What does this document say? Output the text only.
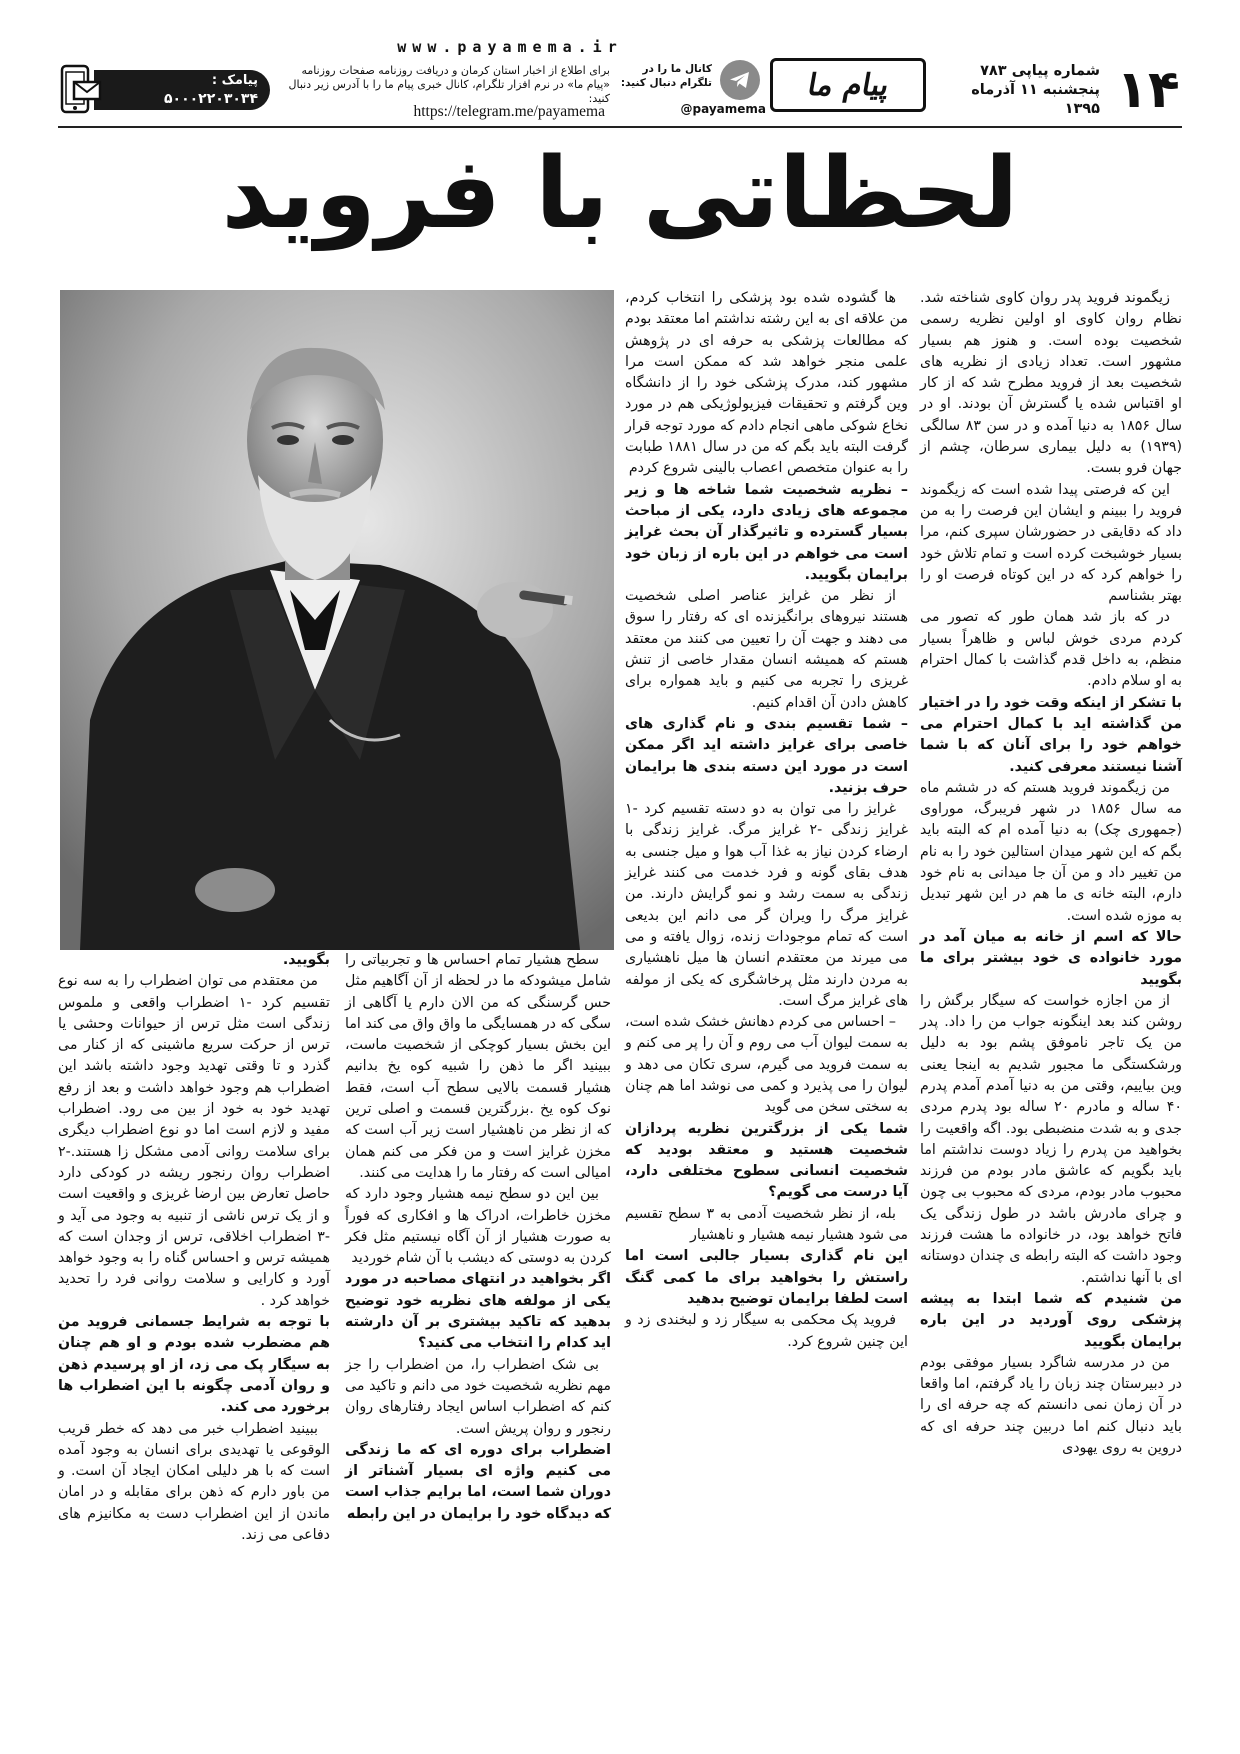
www.payamema.ir
۱۴
شماره پیاپی ۷۸۳
پنجشنبه ۱۱ آذرماه ۱۳۹۵
پیام ما
کانال ما را در تلگرام دنبال کنید:
@payamema
برای اطلاع از اخبار استان کرمان و دریافت روزنامه صفحات روزنامه «پیام ما» در نرم افزار تلگرام، کانال خبری پیام ما را با آدرس زیر دنبال کنید:
https://telegram.me/payamema
پیامک :
۵۰۰۰۲۲۰۳۰۳۴
لحظاتی با فروید

زیگموند فروید پدر روان کاوی شناخته شد. نظام روان کاوی او اولین نظریه رسمی شخصیت بوده است. و هنوز هم بسیار مشهور است. تعداد زیادی از نظریه های شخصیت بعد از فروید مطرح شد که از کار او اقتباس شده یا گسترش آن بودند. او در سال ۱۸۵۶ به دنیا آمده و در سن ۸۳ سالگی (۱۹۳۹) به دلیل بیماری سرطان، چشم از جهان فرو بست.

این که فرصتی پیدا شده است که زیگموند فروید را ببینم و ایشان این فرصت را به من داد که دقایقی در حضورشان سپری کنم، مرا بسیار خوشبخت کرده است و تمام تلاش خود را خواهم کرد که در این کوتاه فرصت او را بهتر بشناسم

در که باز شد همان طور که تصور می کردم مردی خوش لباس و ظاهراً بسیار منظم، به داخل قدم گذاشت با کمال احترام به او سلام دادم.

با تشکر از اینکه وقت خود را در اختیار من گذاشته اید با کمال احترام می خواهم خود را برای آنان که با شما آشنا نیستند معرفی کنید.

من زیگموند فروید هستم که در ششم ماه مه سال ۱۸۵۶ در شهر فریبرگ، موراوی (جمهوری چک) به دنیا آمده ام که البته باید بگم که این شهر میدان استالین خود را به نام من تغییر داد و من آن جا میدانی به نام خود دارم، البته خانه ی ما هم در این شهر تبدیل به موزه شده است.

حالا که اسم از خانه به میان آمد در مورد خانواده ی خود بیشتر برای ما بگویید

از من اجازه خواست که سیگار برگش را روشن کند بعد اینگونه جواب من را داد. پدر من یک تاجر ناموفق پشم بود به دلیل ورشکستگی ما مجبور شدیم به اینجا یعنی وین بیاییم، وقتی من به دنیا آمدم آمدم پدرم ۴۰ ساله و مادرم ۲۰ ساله بود پدرم مردی جدی و به شدت منضبطی بود. اگه واقعیت را بخواهید من پدرم را زیاد دوست نداشتم اما باید بگویم که عاشق مادر بودم من فرزند محبوب مادر بودم، مردی که محبوب بی چون و چرای مادرش باشد در طول زندگی یک فاتح خواهد بود، در خانواده ما هشت فرزند وجود داشت که البته رابطه ی چندان دوستانه ای با آنها نداشتم.

من شنیدم که شما ابتدا به پیشه پزشکی روی آوردید در این باره برایمان بگویید

من در مدرسه شاگرد بسیار موفقی بودم در دبیرستان چند زبان را یاد گرفتم، اما واقعا در آن زمان نمی دانستم که چه حرفه ای را باید دنبال کنم اما دربین چند حرفه ای که دروین به روی یهودی

ها گشوده شده بود پزشکی را انتخاب کردم، من علاقه ای به این رشته نداشتم اما معتقد بودم که مطالعات پزشکی به حرفه ای در پژوهش علمی منجر خواهد شد که ممکن است مرا مشهور کند، مدرک پزشکی خود را از دانشگاه وین گرفتم و تحقیقات فیزیولوژیکی هم در مورد نخاع شوکی ماهی انجام دادم که مورد توجه قرار گرفت البته باید بگم که من در سال ۱۸۸۱ طبابت را به عنوان متخصص اعصاب بالینی شروع کردم

– نظریه شخصیت شما شاخه ها و زیر مجموعه های زیادی دارد، یکی از مباحث بسیار گسترده و تاثیرگذار آن بحث غرایز است می خواهم در این باره از زبان خود برایمان بگویید.

از نظر من غرایز عناصر اصلی شخصیت هستند نیروهای برانگیزنده ای که رفتار را سوق می دهند و جهت آن را تعیین می کنند من معتقد هستم که همیشه انسان مقدار خاصی از تنش غریزی را تجربه می کنیم و باید همواره برای کاهش دادن آن اقدام کنیم.

– شما تقسیم بندی و نام گذاری های خاصی برای غرایز داشته اید اگر ممکن است در مورد این دسته بندی ها برایمان حرف بزنید.

غرایز را می توان به دو دسته تقسیم کرد -۱ غرایز زندگی -۲ غرایز مرگ. غرایز زندگی با ارضاء کردن نیاز به غذا آب هوا و میل جنسی به هدف بقای گونه و فرد خدمت می کنند غرایز زندگی به سمت رشد و نمو گرایش دارند. من غرایز مرگ را ویران گر می دانم این بدیعی است که تمام موجودات زنده، زوال یافته و می می میرند من معتقدم انسان ها میل ناهشیاری به مردن دارند مثل پرخاشگری که یکی از مولفه های غرایز مرگ است.

– احساس می کردم دهانش خشک شده است، به سمت لیوان آب می روم و آن را پر می کنم و به سمت فروید می گیرم، سری تکان می دهد و لیوان را می پذیرد و کمی می نوشد اما هم چنان به سختی سخن می گوید

شما یکی از بزرگترین نظریه پردازان شخصیت هستید و معتقد بودید که شخصیت انسانی سطوح مختلفی دارد، آیا درست می گویم؟

بله، از نظر شخصیت آدمی به ۳ سطح تقسیم می شود هشیار نیمه هشیار و ناهشیار

این نام گذاری بسیار جالبی است اما راستش را بخواهید برای ما کمی گنگ است لطفا برایمان توضیح بدهید

فروید پک محکمی به سیگار زد و لبخندی زد و این چنین شروع کرد.

سطح هشیار تمام احساس ها و تجربیاتی را شامل میشودکه ما در لحظه از آن آگاهیم مثل حس گرسنگی که من الان دارم یا آگاهی از سگی که در همسایگی ما واق واق می کند اما این بخش بسیار کوچکی از شخصیت ماست، ببینید اگر ما ذهن را شبیه کوه یخ بدانیم هشیار قسمت بالایی سطح آب است، فقط نوک کوه یخ .بزرگترین قسمت و اصلی ترین که از نظر من ناهشیار است زیر آب است که مخزن غرایز است و من فکر می کنم همان امیالی است که رفتار ما را هدایت می کنند.

بین این دو سطح نیمه هشیار وجود دارد که مخزن خاطرات، ادراک ها و افکاری که فوراً به صورت هشیار از آن آگاه نیستیم مثل فکر کردن به دوستی که دیشب با آن شام خوردید

اگر بخواهید در انتهای مصاحبه در مورد یکی از مولفه های نظریه خود توضیح بدهید که تاکید بیشتری بر آن دارشته اید کدام را انتخاب می کنید؟

بی شک اضطراب را، من اضطراب را جز مهم نظریه شخصیت خود می دانم و تاکید می کنم که اضطراب اساس ایجاد رفتارهای روان رنجور و روان پریش است.

اضطراب برای دوره ای که ما زندگی می کنیم واژه ای بسیار آشناتر از دوران شما است، اما برایم جذاب است که دیدگاه خود را برایمان در این رابطه

بگویید.

من معتقدم می توان اضطراب را به سه نوع تقسیم کرد -۱ اضطراب واقعی و ملموس زندگی است مثل ترس از حیوانات وحشی یا ترس از حرکت سریع ماشینی که از کنار می گذرد و تا وقتی تهدید وجود داشته باشد این اضطراب هم وجود خواهد داشت و بعد از رفع تهدید خود به خود از بین می رود. اضطراب مفید و لازم است اما دو نوع اضطراب دیگری برای سلامت روانی آدمی مشکل زا هستند.-۲ اضطراب روان رنجور ریشه در کودکی دارد حاصل تعارض بین ارضا غریزی و واقعیت است و از یک ترس ناشی از تنبیه به وجود می آید و -۳ اضطراب اخلاقی، ترس از وجدان است که همیشه ترس و احساس گناه را به وجود خواهد آورد و کارایی و سلامت روانی فرد را تحدید خواهد کرد .

با توجه به شرایط جسمانی فروید من هم مضطرب شده بودم و او هم چنان به سیگار پک می زد، از او پرسیدم ذهن و روان آدمی چگونه با این اضطراب ها برخورد می کند.

ببینید اضطراب خبر می دهد که خطر قریب الوقوعی یا تهدیدی برای انسان به وجود آمده است که با هر دلیلی امکان ایجاد آن است. و من باور دارم که ذهن برای مقابله و در امان ماندن از این اضطراب دست به مکانیزم های دفاعی می زند.
